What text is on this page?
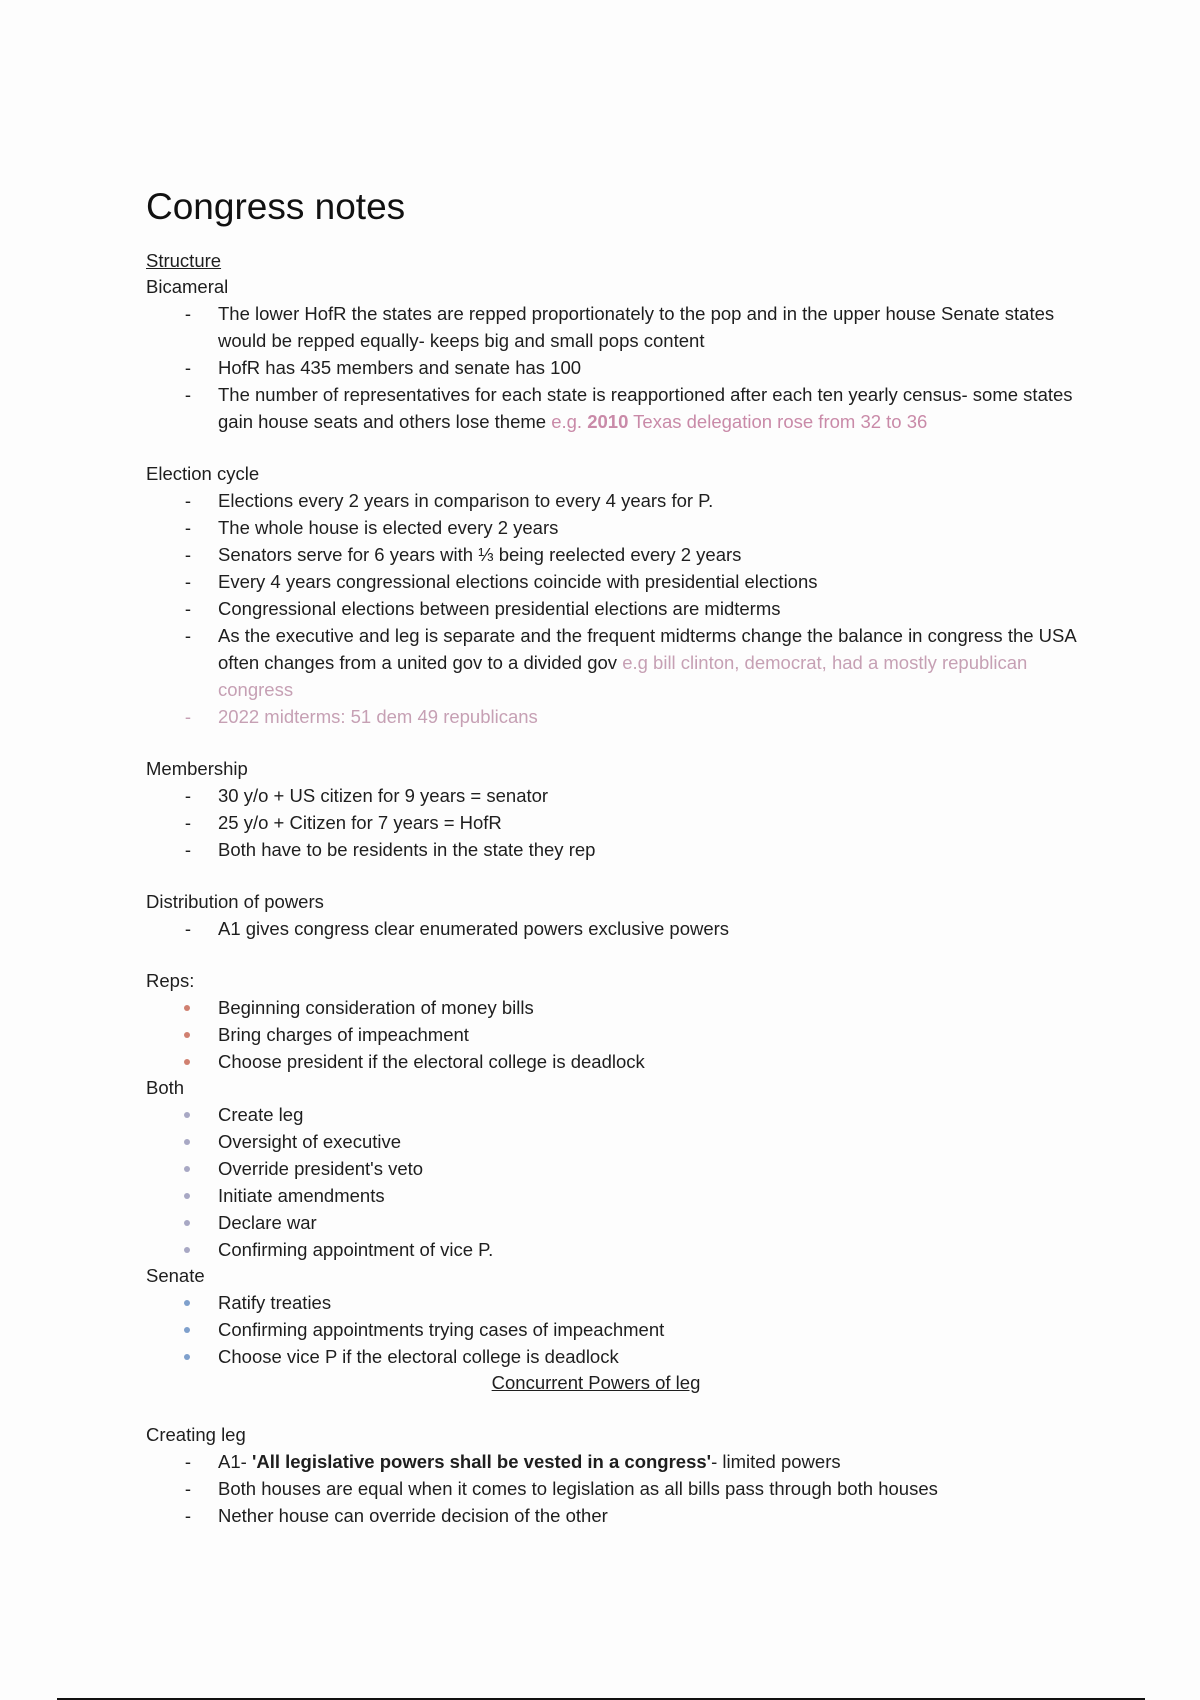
Congress notes
Structure
Bicameral
-
The lower HofR the states are repped proportionately to the pop and in the upper house Senate states would be repped equally- keeps big and small pops content
-
HofR has 435 members and senate has 100
-
The number of representatives for each state is reapportioned after each ten yearly census- some states gain house seats and others lose theme e.g. 2010 Texas delegation rose from 32 to 36
Election cycle
-
Elections every 2 years in comparison to every 4 years for P.
-
The whole house is elected every 2 years
-
Senators serve for 6 years with ⅓ being reelected every 2 years
-
Every 4 years congressional elections coincide with presidential elections
-
Congressional elections between presidential elections are midterms
-
As the executive and leg is separate and the frequent midterms change the balance in congress the USA often changes from a united gov to a divided gov e.g bill clinton, democrat, had a mostly republican congress
-
2022 midterms: 51 dem 49 republicans
Membership
-
30 y/o + US citizen for 9 years = senator
-
25 y/o + Citizen for 7 years = HofR
-
Both have to be residents in the state they rep
Distribution of powers
-
A1 gives congress clear enumerated powers exclusive powers
Reps:
Beginning consideration of money bills
Bring charges of impeachment
Choose president if the electoral college is deadlock
Both
Create leg
Oversight of executive
Override president's veto
Initiate amendments
Declare war
Confirming appointment of vice P.
Senate
Ratify treaties
Confirming appointments trying cases of impeachment
Choose vice P if the electoral college is deadlock
Concurrent Powers of leg
Creating leg
-
A1- 'All legislative powers shall be vested in a congress'- limited powers
-
Both houses are equal when it comes to legislation as all bills pass through both houses
-
Nether house can override decision of the other
